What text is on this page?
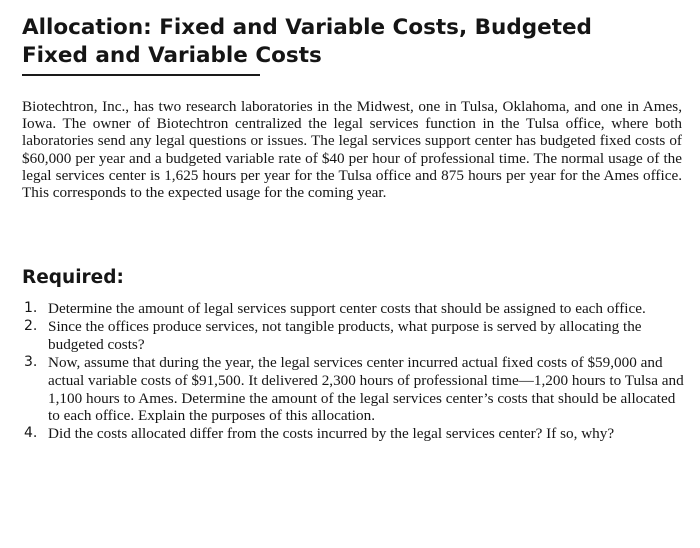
Allocation: Fixed and Variable Costs, Budgeted Fixed and Variable Costs

Biotechtron, Inc., has two research laboratories in the Midwest, one in Tulsa, Oklahoma, and one in Ames, Iowa. The owner of Biotechtron centralized the legal services function in the Tulsa office, where both laboratories send any legal questions or issues. The legal services support center has budgeted fixed costs of $60,000 per year and a budgeted variable rate of $40 per hour of professional time. The normal usage of the legal services center is 1,625 hours per year for the Tulsa office and 875 hours per year for the Ames office. This corresponds to the expected usage for the coming year.

Required:
1. Determine the amount of legal services support center costs that should be assigned to each office.
2. Since the offices produce services, not tangible products, what purpose is served by allocating the budgeted costs?
3. Now, assume that during the year, the legal services center incurred actual fixed costs of $59,000 and actual variable costs of $91,500. It delivered 2,300 hours of professional time—1,200 hours to Tulsa and 1,100 hours to Ames. Determine the amount of the legal services center’s costs that should be allocated to each office. Explain the purposes of this allocation.
4. Did the costs allocated differ from the costs incurred by the legal services center? If so, why?
